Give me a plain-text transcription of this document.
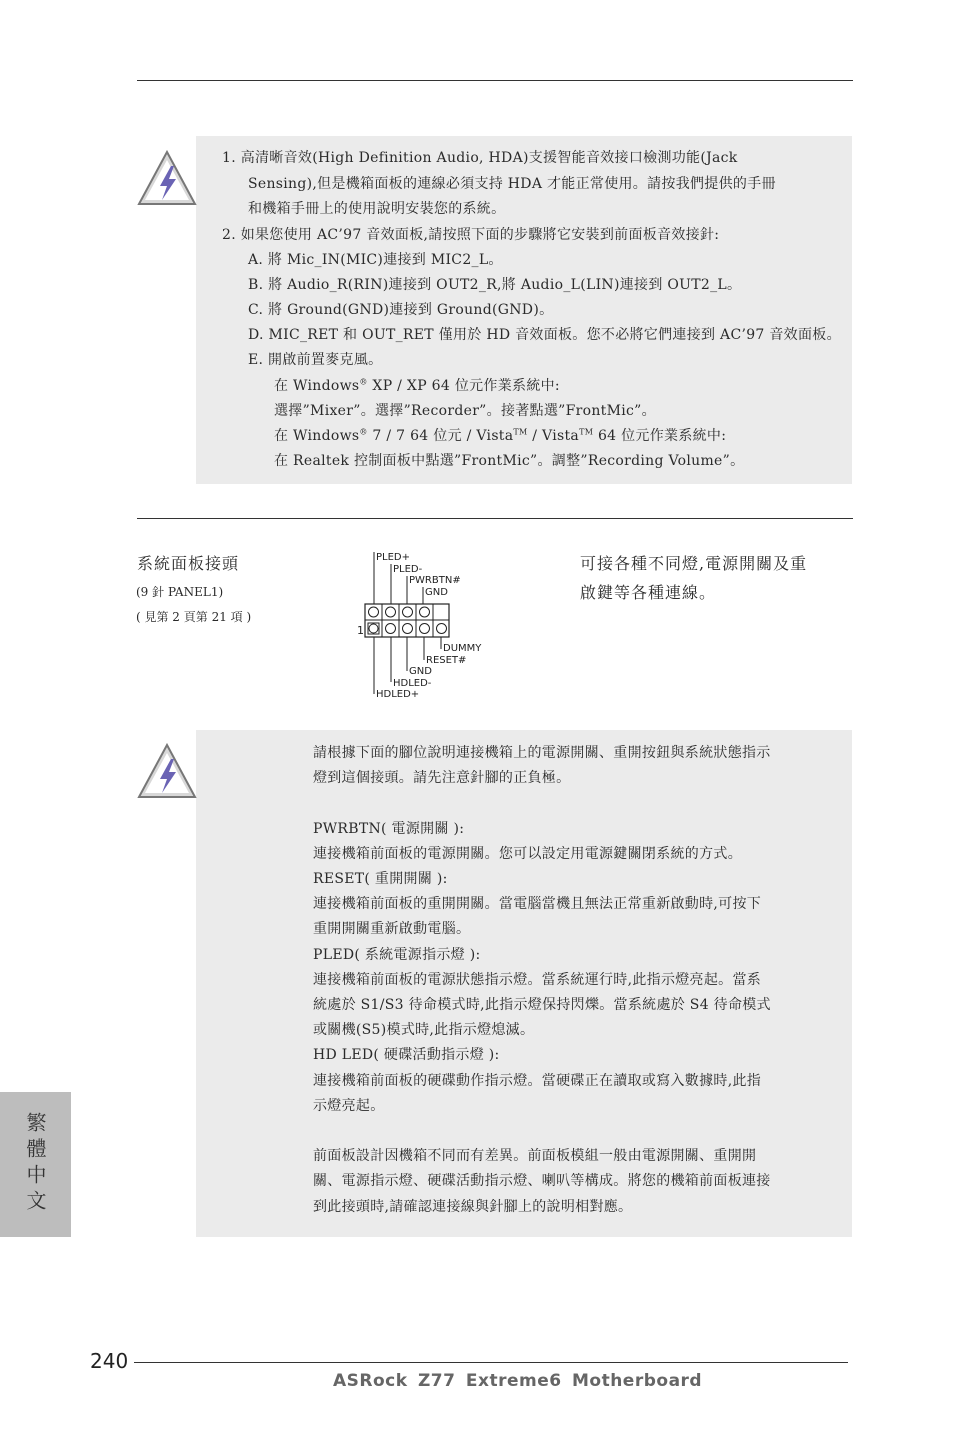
1. 高清晰音效(High Definition Audio, HDA)支援智能音效接口檢測功能(Jack
Sensing),但是機箱面板的連線必須支持 HDA 才能正常使用。請按我們提供的手冊
和機箱手冊上的使用說明安裝您的系統。
2. 如果您使用 AC’97 音效面板,請按照下面的步驟將它安裝到前面板音效接針:
A. 將 Mic_IN(MIC)連接到 MIC2_L。
B. 將 Audio_R(RIN)連接到 OUT2_R,將 Audio_L(LIN)連接到 OUT2_L。
C. 將 Ground(GND)連接到 Ground(GND)。
D. MIC_RET 和 OUT_RET 僅用於 HD 音效面板。您不必將它們連接到 AC’97 音效面板。
E. 開啟前置麥克風。
在 Windows® XP / XP 64 位元作業系統中:
選擇”Mixer”。選擇”Recorder”。接著點選”FrontMic”。
在 Windows® 7 / 7 64 位元 / Vista™ / Vista™ 64 位元作業系統中:
在 Realtek 控制面板中點選”FrontMic”。調整”Recording Volume”。
系統面板接頭
(9 針 PANEL1)
( 見第 2 頁第 21 項 )
可接各種不同燈,電源開關及重
啟鍵等各種連線。
PLED+
PLED-
PWRBTN#
GND
1
DUMMY
RESET#
GND
HDLED-
HDLED+
請根據下面的腳位說明連接機箱上的電源開關、重開按鈕與系統狀態指示
燈到這個接頭。請先注意針腳的正負極。
PWRBTN( 電源開關 ):
連接機箱前面板的電源開關。您可以設定用電源鍵關閉系統的方式。
RESET( 重開開關 ):
連接機箱前面板的重開開關。當電腦當機且無法正常重新啟動時,可按下
重開開關重新啟動電腦。
PLED( 系統電源指示燈 ):
連接機箱前面板的電源狀態指示燈。當系統運行時,此指示燈亮起。當系
統處於 S1/S3 待命模式時,此指示燈保持閃爍。當系統處於 S4 待命模式
或關機(S5)模式時,此指示燈熄滅。
HD LED( 硬碟活動指示燈 ):
連接機箱前面板的硬碟動作指示燈。當硬碟正在讀取或寫入數據時,此指
示燈亮起。
前面板設計因機箱不同而有差異。前面板模組一般由電源開關、重開開
關、電源指示燈、硬碟活動指示燈、喇叭等構成。將您的機箱前面板連接
到此接頭時,請確認連接線與針腳上的說明相對應。
繁體中文
240
ASRock Z77 Extreme6 Motherboard
